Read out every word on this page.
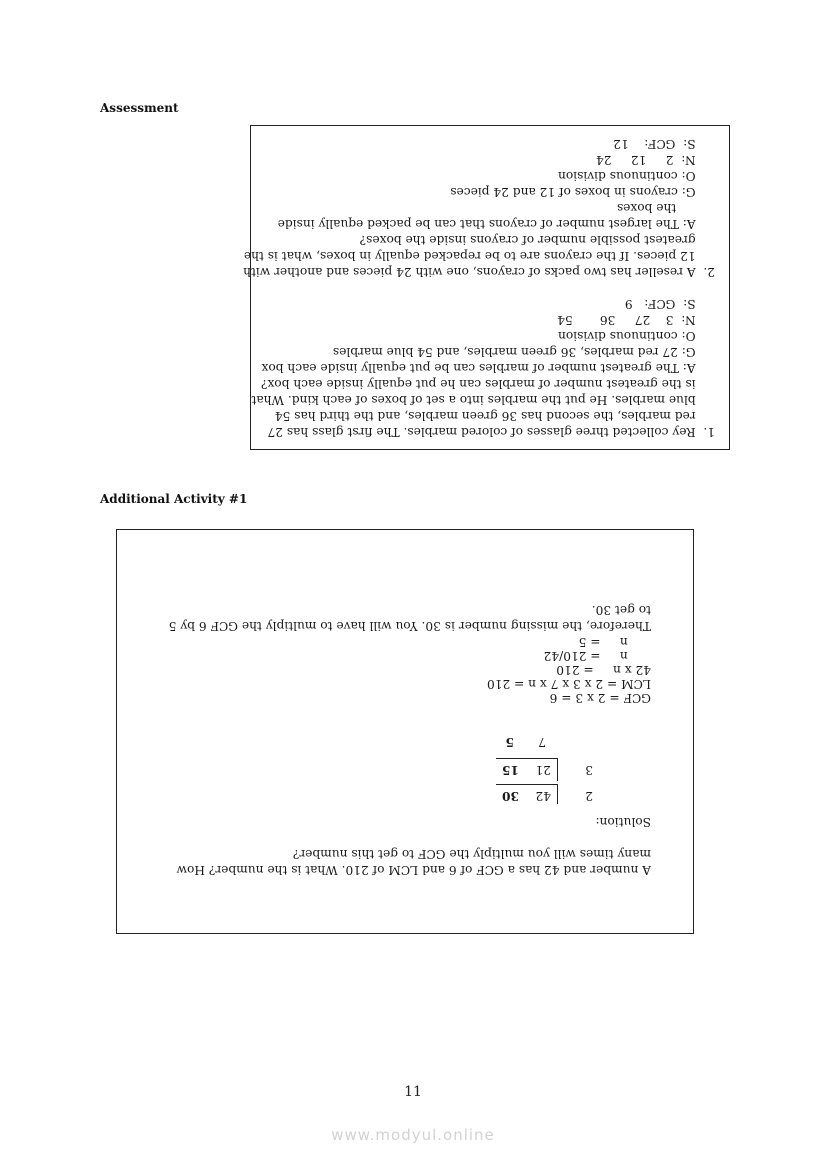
Assessment
1.  Rey collected three glasses of colored marbles. The first glass has 27
red marbles, the second has 36 green marbles, and the third has 54
blue marbles. He put the marbles into a set of boxes of each kind. What
is the greatest number of marbles can he put equally inside each box?
A: The greatest number of marbles can be put equally inside each box
G: 27 red marbles, 36 green marbles, and 54 blue marbles
O: continuous division
N:  3    27     36       54
S:  GCF:   9
2.  A reseller has two packs of crayons, one with 24 pieces and another with
12 pieces. If the crayons are to be repacked equally in boxes, what is the
greatest possible number of crayons inside the boxes?
A: The largest number of crayons that can be packed equally inside
the boxes
G: crayons in boxes of 12 and 24 pieces
O: continuous division
N:  2     12     24
S:  GCF:    12
Additional Activity #1
A number and 42 has a GCF of 6 and LCM of 210. What is the number? How
many times will you multiply the GCF to get this number?
Solution:
2
42
30
3
21
15
7
5
GCF = 2 x 3 = 6
LCM = 2 x 3 x 7 x n = 210
42 x n     = 210
n     = 210/42
n     = 5
Therefore, the missing number is 30. You will have to multiply the GCF 6 by 5
to get 30.
11
www.modyul.online
